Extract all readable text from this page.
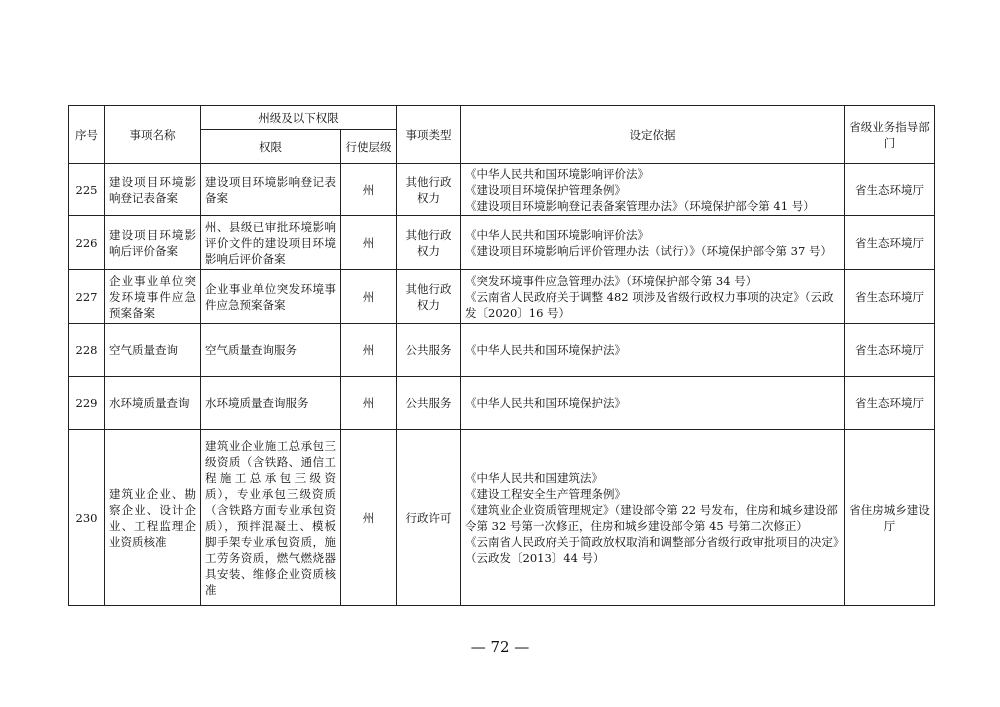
序号	事项名称	州级及以下权限		事项类型	设定依据	省级业务指导部门
		权限	行使层级			
225	建设项目环境影响登记表备案	建设项目环境影响登记表备案	州	其他行政权力	《中华人民共和国环境影响评价法》
《建设项目环境保护管理条例》
《建设项目环境影响登记表备案管理办法》（环境保护部令第 41 号）	省生态环境厅
226	建设项目环境影响后评价备案	州、县级已审批环境影响评价文件的建设项目环境影响后评价备案	州	其他行政权力	《中华人民共和国环境影响评价法》
《建设项目环境影响后评价管理办法（试行）》（环境保护部令第 37 号）	省生态环境厅
227	企业事业单位突发环境事件应急预案备案	企业事业单位突发环境事件应急预案备案	州	其他行政权力	《突发环境事件应急管理办法》（环境保护部令第 34 号）
《云南省人民政府关于调整 482 项涉及省级行政权力事项的决定》（云政发〔2020〕16 号）	省生态环境厅
228	空气质量查询	空气质量查询服务	州	公共服务	《中华人民共和国环境保护法》	省生态环境厅
229	水环境质量查询	水环境质量查询服务	州	公共服务	《中华人民共和国环境保护法》	省生态环境厅
230	建筑业企业、勘察企业、设计企业、工程监理企业资质核准	建筑业企业施工总承包三级资质（含铁路、通信工程施工总承包三级资质），专业承包三级资质（含铁路方面专业承包资质），预拌混凝土、模板脚手架专业承包资质，施工劳务资质，燃气燃烧器具安装、维修企业资质核准	州	行政许可	《中华人民共和国建筑法》
《建设工程安全生产管理条例》
《建筑业企业资质管理规定》（建设部令第 22 号发布，住房和城乡建设部令第 32 号第一次修正，住房和城乡建设部令第 45 号第二次修正）
《云南省人民政府关于简政放权取消和调整部分省级行政审批项目的决定》（云政发〔2013〕44 号）	省住房城乡建设厅
— 72 —
